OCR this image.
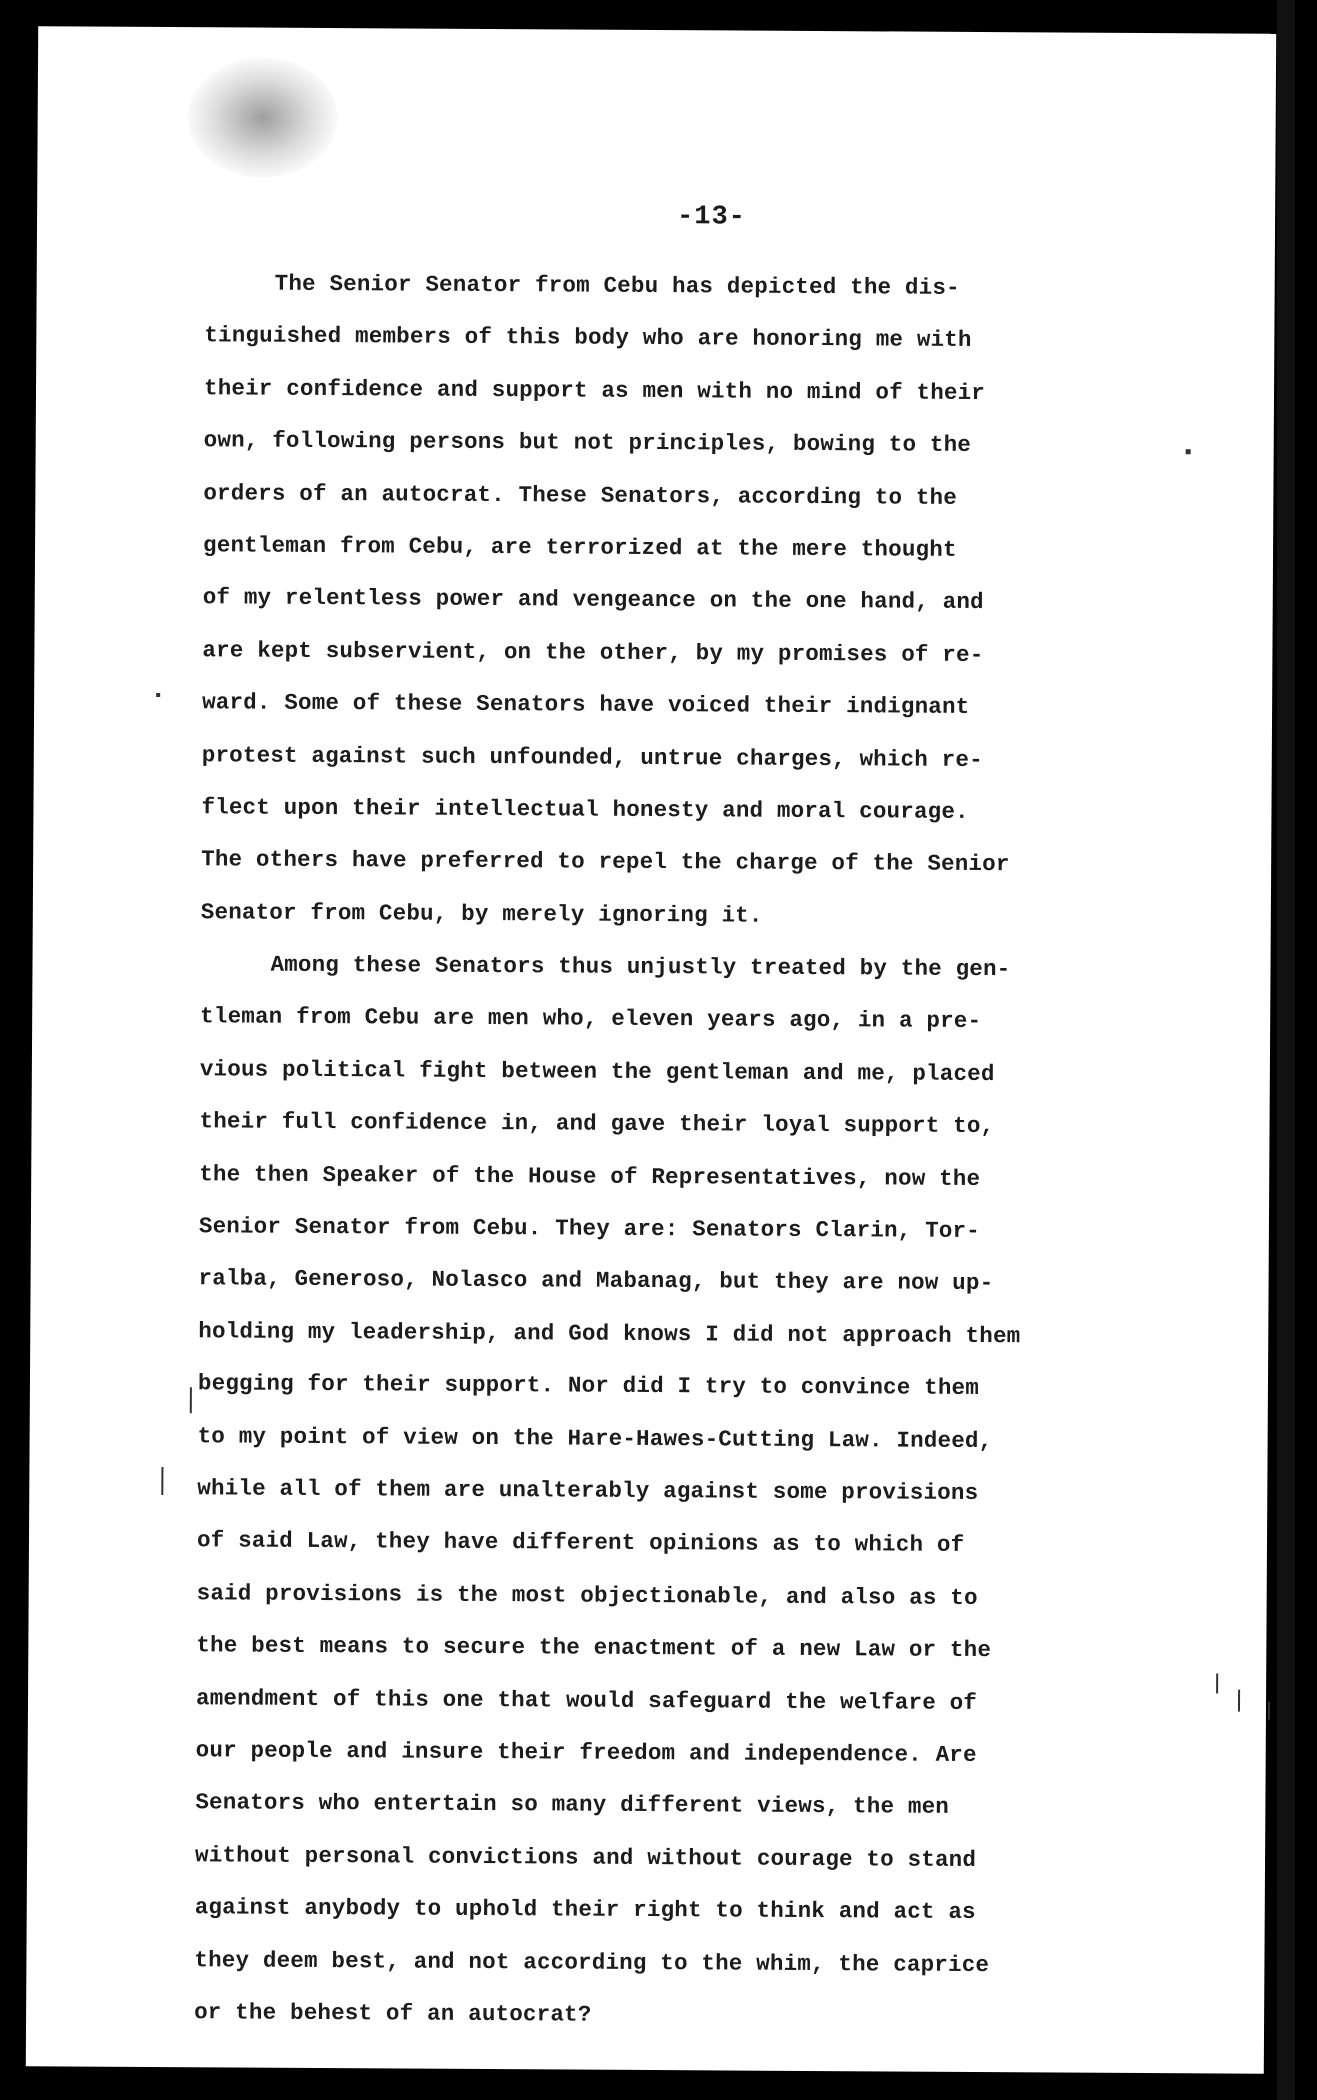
-13-
The Senior Senator from Cebu has depicted the dis-
tinguished members of this body who are honoring me with
their confidence and support as men with no mind of their
own, following persons but not principles, bowing to the
orders of an autocrat. These Senators, according to the
gentleman from Cebu, are terrorized at the mere thought
of my relentless power and vengeance on the one hand, and
are kept subservient, on the other, by my promises of re-
ward. Some of these Senators have voiced their indignant
protest against such unfounded, untrue charges, which re-
flect upon their intellectual honesty and moral courage.
The others have preferred to repel the charge of the Senior
Senator from Cebu, by merely ignoring it.
Among these Senators thus unjustly treated by the gen-
tleman from Cebu are men who, eleven years ago, in a pre-
vious political fight between the gentleman and me, placed
their full confidence in, and gave their loyal support to,
the then Speaker of the House of Representatives, now the
Senior Senator from Cebu. They are: Senators Clarin, Tor-
ralba, Generoso, Nolasco and Mabanag, but they are now up-
holding my leadership, and God knows I did not approach them
begging for their support. Nor did I try to convince them
to my point of view on the Hare-Hawes-Cutting Law. Indeed,
while all of them are unalterably against some provisions
of said Law, they have different opinions as to which of
said provisions is the most objectionable, and also as to
the best means to secure the enactment of a new Law or the
amendment of this one that would safeguard the welfare of
our people and insure their freedom and independence. Are
Senators who entertain so many different views, the men
without personal convictions and without courage to stand
against anybody to uphold their right to think and act as
they deem best, and not according to the whim, the caprice
or the behest of an autocrat?
